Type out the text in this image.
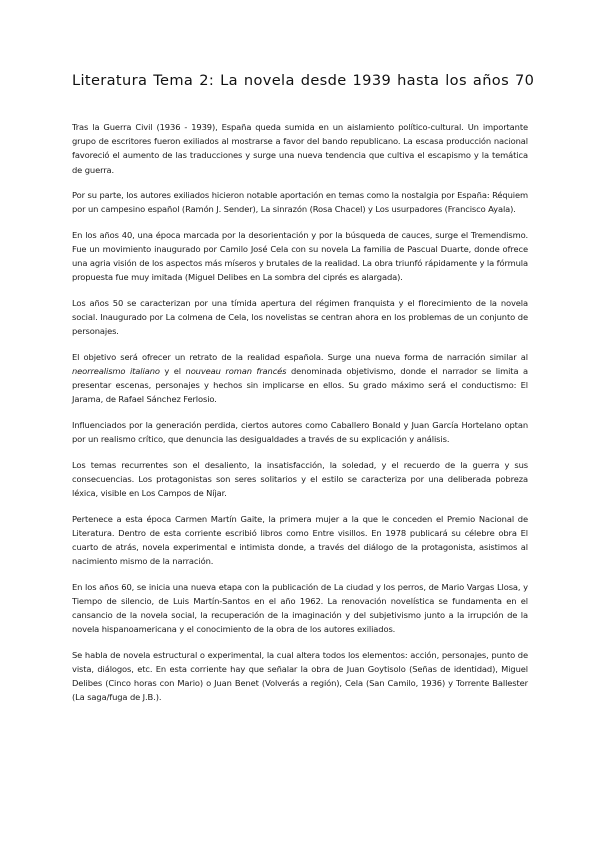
Literatura Tema 2: La novela desde 1939 hasta los años 70

Tras la Guerra Civil (1936 - 1939), España queda sumida en un aislamiento político-cultural. Un importante grupo de escritores fueron exiliados al mostrarse a favor del bando republicano. La escasa producción nacional favoreció el aumento de las traducciones y surge una nueva tendencia que cultiva el escapismo y la temática de guerra.

Por su parte, los autores exiliados hicieron notable aportación en temas como la nostalgia por España: Réquiem por un campesino español (Ramón J. Sender), La sinrazón (Rosa Chacel) y Los usurpadores (Francisco Ayala).

En los años 40, una época marcada por la desorientación y por la búsqueda de cauces, surge el Tremendismo. Fue un movimiento inaugurado por Camilo José Cela con su novela La familia de Pascual Duarte, donde ofrece una agria visión de los aspectos más míseros y brutales de la realidad. La obra triunfó rápidamente y la fórmula propuesta fue muy imitada (Miguel Delibes en La sombra del ciprés es alargada).

Los años 50 se caracterizan por una tímida apertura del régimen franquista y el florecimiento de la novela social. Inaugurado por La colmena de Cela, los novelistas se centran ahora en los problemas de un conjunto de personajes.

El objetivo será ofrecer un retrato de la realidad española. Surge una nueva forma de narración similar al neorrealismo italiano y el nouveau roman francés denominada objetivismo, donde el narrador se limita a presentar escenas, personajes y hechos sin implicarse en ellos. Su grado máximo será el conductismo: El Jarama, de Rafael Sánchez Ferlosio.

Influenciados por la generación perdida, ciertos autores como Caballero Bonald y Juan García Hortelano optan por un realismo crítico, que denuncia las desigualdades a través de su explicación y análisis.

Los temas recurrentes son el desaliento, la insatisfacción, la soledad, y el recuerdo de la guerra y sus consecuencias. Los protagonistas son seres solitarios y el estilo se caracteriza por una deliberada pobreza léxica, visible en Los Campos de Níjar.

Pertenece a esta época Carmen Martín Gaite, la primera mujer a la que le conceden el Premio Nacional de Literatura. Dentro de esta corriente escribió libros como Entre visillos. En 1978 publicará su célebre obra El cuarto de atrás, novela experimental e intimista donde, a través del diálogo de la protagonista, asistimos al nacimiento mismo de la narración.

En los años 60, se inicia una nueva etapa con la publicación de La ciudad y los perros, de Mario Vargas Llosa, y Tiempo de silencio, de Luis Martín-Santos en el año 1962. La renovación novelística se fundamenta en el cansancio de la novela social, la recuperación de la imaginación y del subjetivismo junto a la irrupción de la novela hispanoamericana y el conocimiento de la obra de los autores exiliados.

Se habla de novela estructural o experimental, la cual altera todos los elementos: acción, personajes, punto de vista, diálogos, etc. En esta corriente hay que señalar la obra de Juan Goytisolo (Señas de identidad), Miguel Delibes (Cinco horas con Mario) o Juan Benet (Volverás a región), Cela (San Camilo, 1936) y Torrente Ballester (La saga/fuga de J.B.).
